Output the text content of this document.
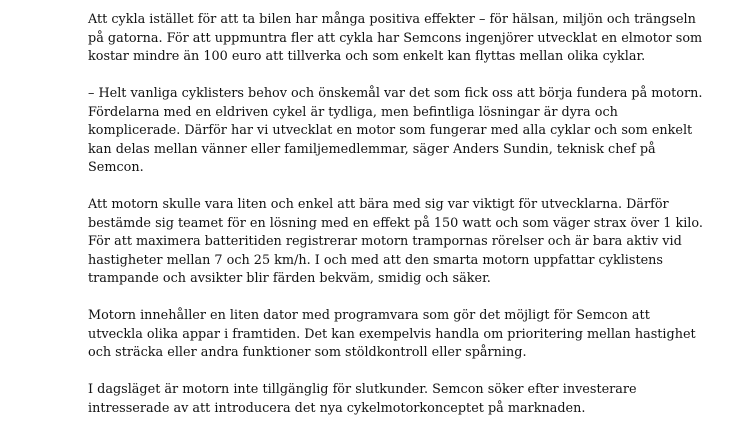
Att cykla istället för att ta bilen har många positiva effekter – för hälsan, miljön och trängseln
på gatorna. För att uppmuntra fler att cykla har Semcons ingenjörer utvecklat en elmotor som
kostar mindre än 100 euro att tillverka och som enkelt kan flyttas mellan olika cyklar.

– Helt vanliga cyklisters behov och önskemål var det som fick oss att börja fundera på motorn.
Fördelarna med en eldriven cykel är tydliga, men befintliga lösningar är dyra och
komplicerade. Därför har vi utvecklat en motor som fungerar med alla cyklar och som enkelt
kan delas mellan vänner eller familjemedlemmar, säger Anders Sundin, teknisk chef på
Semcon.

Att motorn skulle vara liten och enkel att bära med sig var viktigt för utvecklarna. Därför
bestämde sig teamet för en lösning med en effekt på 150 watt och som väger strax över 1 kilo.
För att maximera batteritiden registrerar motorn trampornas rörelser och är bara aktiv vid
hastigheter mellan 7 och 25 km/h. I och med att den smarta motorn uppfattar cyklistens
trampande och avsikter blir färden bekväm, smidig och säker.

Motorn innehåller en liten dator med programvara som gör det möjligt för Semcon att
utveckla olika appar i framtiden. Det kan exempelvis handla om prioritering mellan hastighet
och sträcka eller andra funktioner som stöldkontroll eller spårning.

I dagsläget är motorn inte tillgänglig för slutkunder. Semcon söker efter investerare
intresserade av att introducera det nya cykelmotorkonceptet på marknaden.
